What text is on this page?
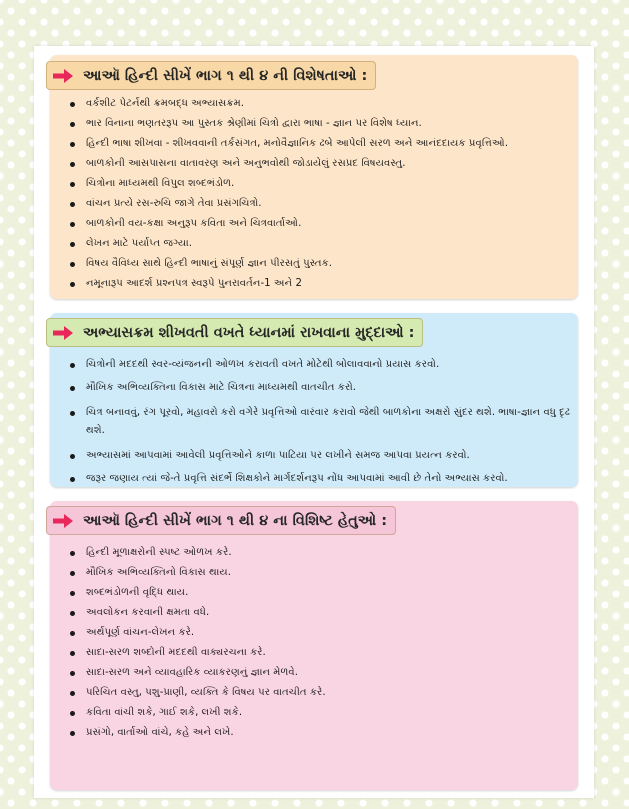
આઑ હિન્દી સીખેં ભાગ ૧ થી ૪ ની વિશેષતાઓ :
વર્કશીટ પેટર્નથી ક્રમબદ્ધ અભ્યાસક્રમ.
ભાર વિનાના ભણતરરૂપ આ પુસ્તક શ્રેણીમાં ચિત્રો દ્વારા ભાષા - જ્ઞાન પર વિશેષ ધ્યાન.
હિન્દી ભાષા શીખવા - શીખવવાની તર્કસંગત, મનોવૈજ્ઞાનિક ઢબે આપેલી સરળ અને આનંદદાયક પ્રવૃત્તિઓ.
બાળકોની આસપાસના વાતાવરણ અને અનુભવોથી જોડાયેલું રસપ્રદ વિષયવસ્તુ.
ચિત્રોના માધ્યમથી વિપુલ શબ્દભંડોળ.
વાંચન પ્રત્યે રસ-રુચિ જાગે તેવા પ્રસંગચિત્રો.
બાળકોની વય-કક્ષા અનુરૂપ કવિતા અને ચિત્રવાર્તાઓ.
લેખન માટે પર્યાપ્ત જગ્યા.
વિષય વૈવિધ્ય સાથે હિન્દી ભાષાનું સંપૂર્ણ જ્ઞાન પીરસતું પુસ્તક.
નમૂનારૂપ આદર્શ પ્રશ્નપત્ર સ્વરૂપે પુનરાવર્તન-1 અને 2
અભ્યાસક્રમ શીખવતી વખતે ધ્યાનમાં રાખવાના મુદ્દાઓ :
ચિત્રોની મદદથી સ્વર-વ્યંજનની ઓળખ કરાવતી વખતે મોટેથી બોલાવવાનો પ્રયાસ કરવો.
મૌખિક અભિવ્યક્તિના વિકાસ માટે ચિત્રના માધ્યમથી વાતચીત કરો.
ચિત્ર બનાવવું, રંગ પૂરવો, મહાવરો કરો વગેરે પ્રવૃત્તિઓ વારંવાર કરાવો જેથી બાળકોના અક્ષરો સુંદર થશે. ભાષા-જ્ઞાન વધુ દૃઢ થશે.
અભ્યાસમાં આપવામાં આવેલી પ્રવૃત્તિઓને કાળા પાટિયા પર લખીને સમજ આપવા પ્રયત્ન કરવો.
જરૂર જણાય ત્યાં જે-તે પ્રવૃત્તિ સંદર્ભે શિક્ષકોને માર્ગદર્શનરૂપ નોંધ આપવામાં આવી છે તેનો અભ્યાસ કરવો.
આઑ હિન્દી સીખેં ભાગ ૧ થી ૪ ના વિશિષ્ટ હેતુઓ :
હિન્દી મૂળાક્ષરોની સ્પષ્ટ ઓળખ કરે.
મૌખિક અભિવ્યક્તિનો વિકાસ થાય.
શબ્દભંડોળની વૃદ્ધિ થાય.
અવલોકન કરવાની ક્ષમતા વધે.
અર્થપૂર્ણ વાંચન-લેખન કરે.
સાદા-સરળ શબ્દોની મદદથી વાક્યરચના કરે.
સાદા-સરળ અને વ્યાવહારિક વ્યાકરણનું જ્ઞાન મેળવે.
પરિચિત વસ્તુ, પશુ-પ્રાણી, વ્યક્તિ કે વિષય પર વાતચીત કરે.
કવિતા વાંચી શકે, ગાઈ શકે, લખી શકે.
પ્રસંગો, વાર્તાઓ વાંચે, કહે અને લખે.
